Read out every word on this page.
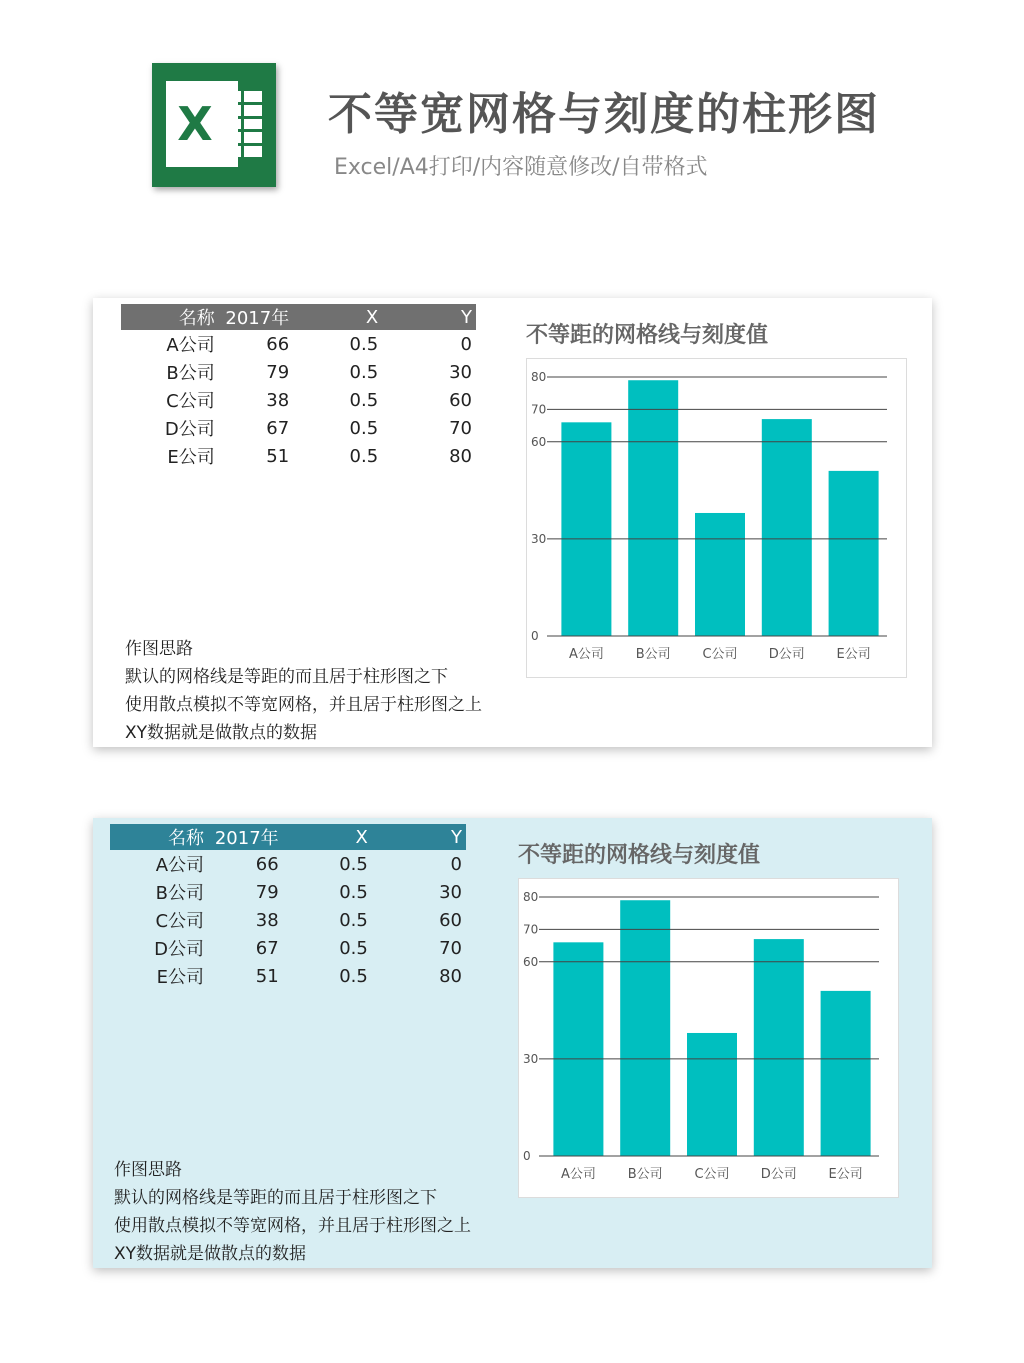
X	不等宽网格与刻度的柱形图
Excel/A4打印/内容随意修改/自带格式
名称	2017年	X	Y
A公司	66	0.5	0
B公司	79	0.5	30
C公司	38	0.5	60
D公司	67	0.5	70
E公司	51	0.5	80
作图思路
默认的网格线是等距的而且居于柱形图之下
使用散点模拟不等宽网格，并且居于柱形图之上
XY数据就是做散点的数据
不等距的网格线与刻度值
A公司 B公司 C公司 D公司 E公司
0
30
60
70
80
名称	2017年	X	Y
A公司	66	0.5	0
B公司	79	0.5	30
C公司	38	0.5	60
D公司	67	0.5	70
E公司	51	0.5	80
作图思路
默认的网格线是等距的而且居于柱形图之下
使用散点模拟不等宽网格，并且居于柱形图之上
XY数据就是做散点的数据
不等距的网格线与刻度值
A公司 B公司 C公司 D公司 E公司
0
30
60
70
80
